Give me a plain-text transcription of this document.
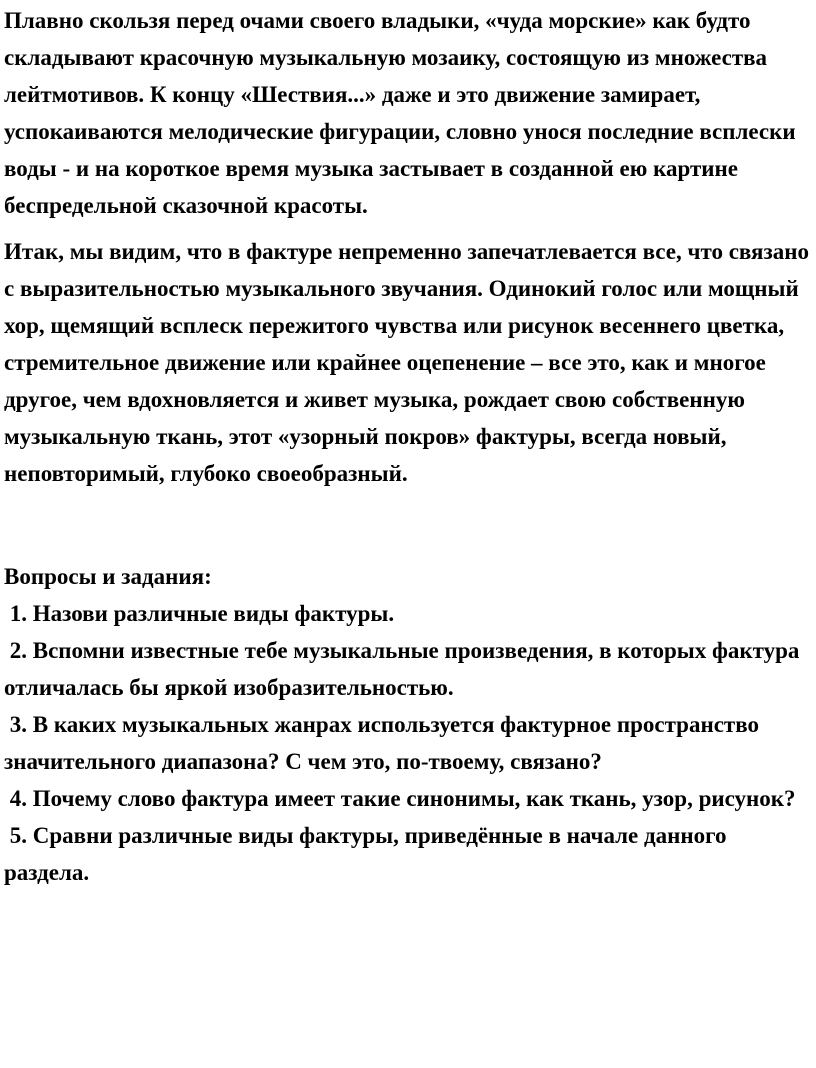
Плавно скользя перед очами своего владыки, «чуда морские» как будто складывают красочную музыкальную мозаику, состоящую из множества лейтмотивов. К концу «Шествия...» даже и это движение замирает, успокаиваются мелодические фигурации, словно унося последние всплески воды - и на короткое время музыка застывает в созданной ею картине беспредельной сказочной красоты.

Итак, мы видим, что в фактуре непременно запечатлевается все, что связано с выразительностью музыкального звучания. Одинокий голос или мощный хор, щемящий всплеск пережитого чувства или рисунок весеннего цветка, стремительное движение или крайнее оцепенение – все это, как и многое другое, чем вдохновляется и живет музыка, рождает свою собственную музыкальную ткань, этот «узорный покров» фактуры, всегда новый, неповторимый, глубоко своеобразный.

Вопросы и задания:

1. Назови различные виды фактуры.
2. Вспомни известные тебе музыкальные произведения, в которых фактура отличалась бы яркой изобразительностью.
3. В каких музыкальных жанрах используется фактурное пространство значительного диапазона? С чем это, по-твоему, связано?
4. Почему слово фактура имеет такие синонимы, как ткань, узор, рисунок?
5. Сравни различные виды фактуры, приведённые в начале данного раздела.
